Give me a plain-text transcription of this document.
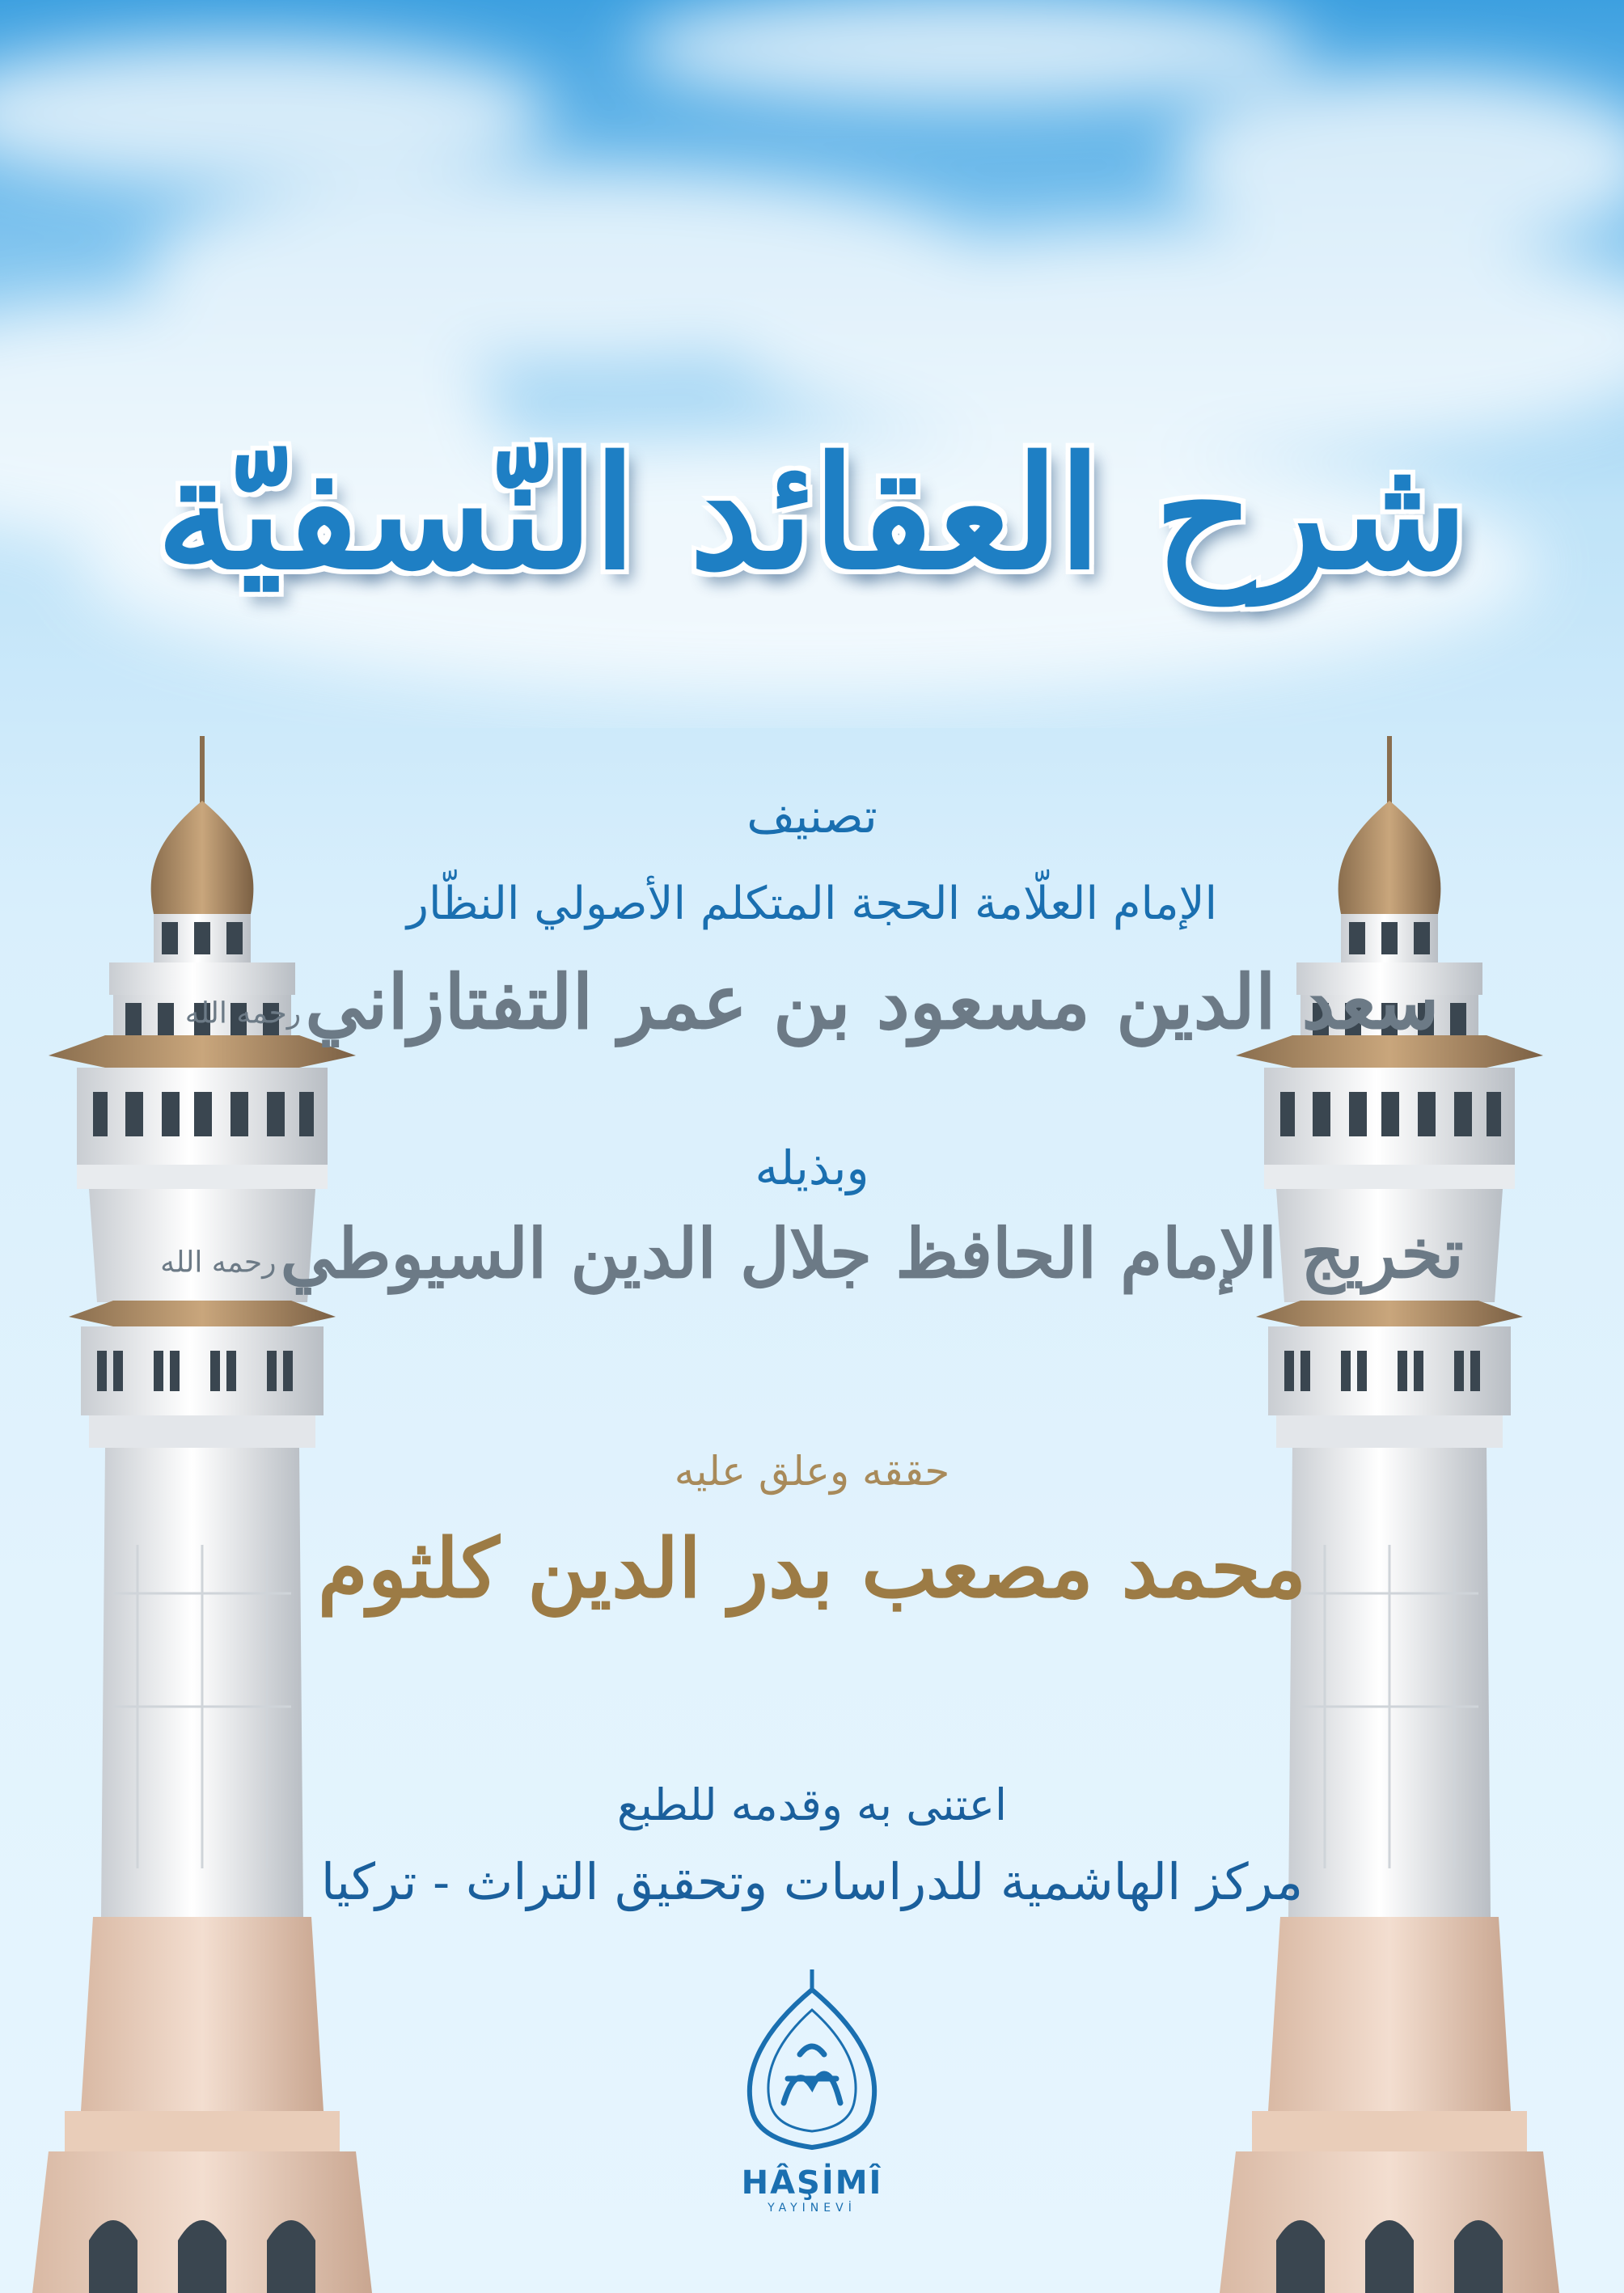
شرح العقائد النّسفيّة
تصنيف
الإمام العلّامة الحجة المتكلم الأصولي النظّار
سعد الدين مسعود بن عمر التفتازاني رحمه الله
وبذيله
تخريج الإمام الحافظ جلال الدين السيوطي رحمه الله
حققه وعلق عليه
محمد مصعب بدر الدين كلثوم
اعتنى به وقدمه للطبع
مركز الهاشمية للدراسات وتحقيق التراث - تركيا
HÂŞİMÎ
YAYINEVİ
